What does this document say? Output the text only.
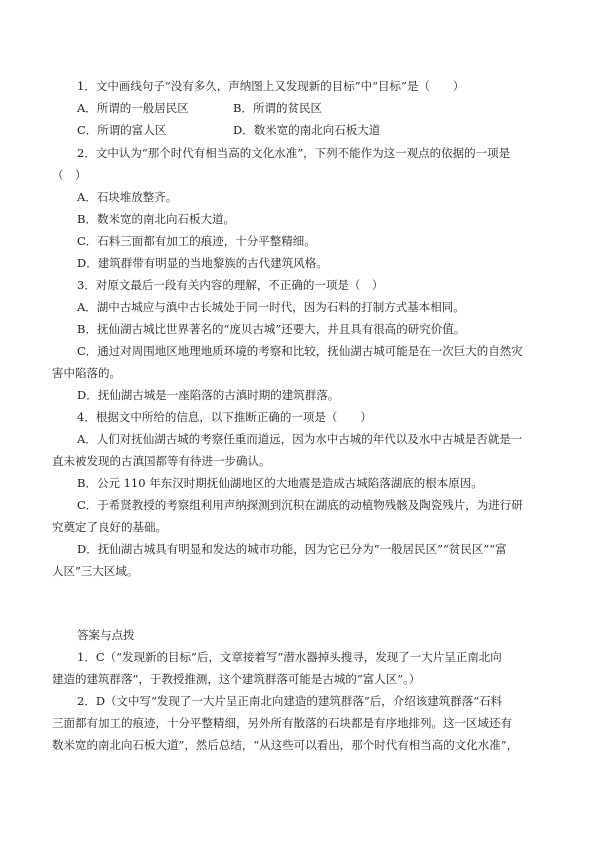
1．文中画线句子“没有多久，声纳图上又发现新的目标”中“目标”是（　　）
A．所谓的一般居民区	B．所谓的贫民区
C．所谓的富人区	D．数米宽的南北向石板大道
2．文中认为“那个时代有相当高的文化水准”，下列不能作为这一观点的依据的一项是
（　）
A．石块堆放整齐。
B．数米宽的南北向石板大道。
C．石料三面都有加工的痕迹，十分平整精细。
D．建筑群带有明显的当地黎族的古代建筑风格。
3．对原文最后一段有关内容的理解，不正确的一项是（　）
A．湖中古城应与滇中古长城处于同一时代，因为石料的打制方式基本相同。
B．抚仙湖古城比世界著名的“庞贝古城”还要大，并且具有很高的研究价值。
C．通过对周围地区地理地质环境的考察和比较，抚仙湖古城可能是在一次巨大的自然灾
害中陷落的。
D．抚仙湖古城是一座陷落的古滇时期的建筑群落。
4．根据文中所给的信息，以下推断正确的一项是（　　）
A．人们对抚仙湖古城的考察任重而道远，因为水中古城的年代以及水中古城是否就是一
直未被发现的古滇国都等有待进一步确认。
B．公元 110 年东汉时期抚仙湖地区的大地震是造成古城陷落湖底的根本原因。
C．于希贤教授的考察组利用声纳探测到沉积在湖底的动植物残骸及陶瓷残片，为进行研
究奠定了良好的基础。
D．抚仙湖古城具有明显和发达的城市功能，因为它已分为“一般居民区”“贫民区”“富
人区”三大区域。
答案与点拨
1．C（“发现新的目标”后，文章接着写“潜水器掉头搜寻，发现了一大片呈正南北向
建造的建筑群落”，于教授推测，这个建筑群落可能是古城的“富人区”。）
2．D（文中写“发现了一大片呈正南北向建造的建筑群落”后，介绍该建筑群落“石料
三面都有加工的痕迹，十分平整精细，另外所有散落的石块都是有序地排列。这一区域还有
数米宽的南北向石板大道”，然后总结，“从这些可以看出，那个时代有相当高的文化水准”，
